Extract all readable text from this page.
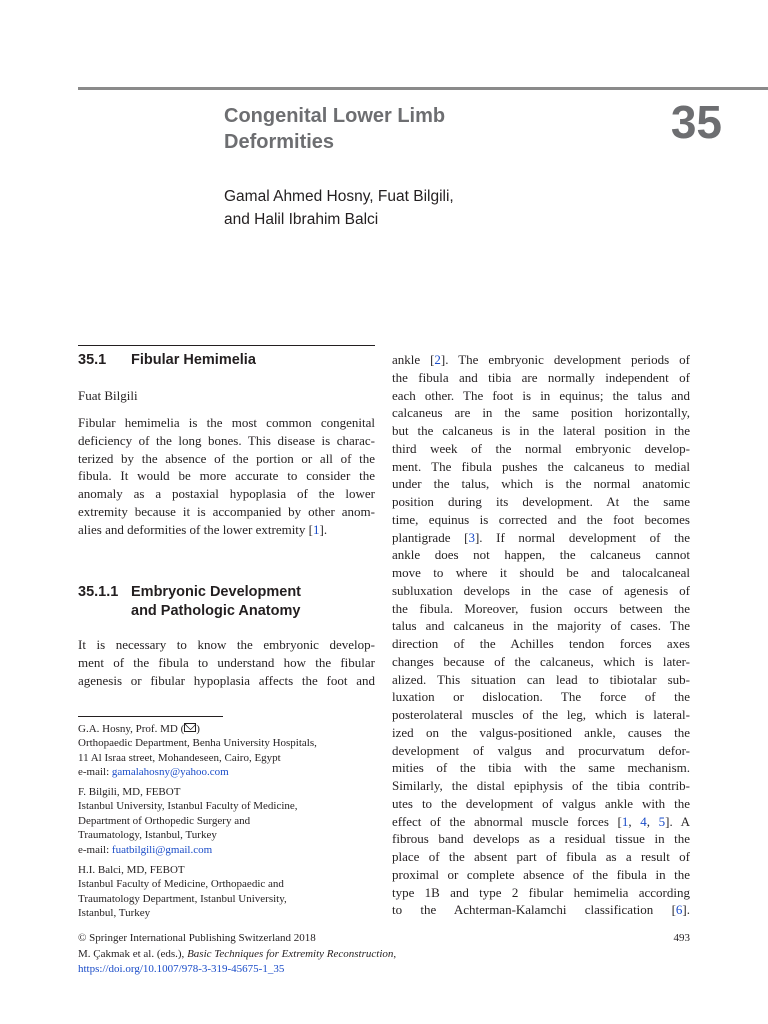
Congenital Lower Limb
Deformities	35
Gamal Ahmed Hosny, Fuat Bilgili,
and Halil Ibrahim Balci
35.1 Fibular Hemimelia
Fuat Bilgili
Fibular hemimelia is the most common congenital
deficiency of the long bones. This disease is charac-
terized by the absence of the portion or all of the
fibula. It would be more accurate to consider the
anomaly as a postaxial hypoplasia of the lower
extremity because it is accompanied by other anom-
alies and deformities of the lower extremity [1].
35.1.1 Embryonic Development
and Pathologic Anatomy
It is necessary to know the embryonic develop-
ment of the fibula to understand how the fibular
agenesis or fibular hypoplasia affects the foot and
ankle [2]. The embryonic development periods of
the fibula and tibia are normally independent of
each other. The foot is in equinus; the talus and
calcaneus are in the same position horizontally,
but the calcaneus is in the lateral position in the
third week of the normal embryonic develop-
ment. The fibula pushes the calcaneus to medial
under the talus, which is the normal anatomic
position during its development. At the same
time, equinus is corrected and the foot becomes
plantigrade [3]. If normal development of the
ankle does not happen, the calcaneus cannot
move to where it should be and talocalcaneal
subluxation develops in the case of agenesis of
the fibula. Moreover, fusion occurs between the
talus and calcaneus in the majority of cases. The
direction of the Achilles tendon forces axes
changes because of the calcaneus, which is later-
alized. This situation can lead to tibiotalar sub-
luxation or dislocation. The force of the
posterolateral muscles of the leg, which is lateral-
ized on the valgus-positioned ankle, causes the
development of valgus and procurvatum defor-
mities of the tibia with the same mechanism.
Similarly, the distal epiphysis of the tibia contrib-
utes to the development of valgus ankle with the
effect of the abnormal muscle forces [1, 4, 5]. A
fibrous band develops as a residual tissue in the
place of the absent part of fibula as a result of
proximal or complete absence of the fibula in the
type 1B and type 2 fibular hemimelia according
to the Achterman-Kalamchi classification [6].
G.A. Hosny, Prof. MD ( )
Orthopaedic Department, Benha University Hospitals,
11 Al Israa street, Mohandeseen, Cairo, Egypt
e-mail: gamalahosny@yahoo.com
F. Bilgili, MD, FEBOT
Istanbul University, Istanbul Faculty of Medicine,
Department of Orthopedic Surgery and
Traumatology, Istanbul, Turkey
e-mail: fuatbilgili@gmail.com
H.I. Balci, MD, FEBOT
Istanbul Faculty of Medicine, Orthopaedic and
Traumatology Department, Istanbul University,
Istanbul, Turkey
© Springer International Publishing Switzerland 2018
M. Çakmak et al. (eds.), Basic Techniques for Extremity Reconstruction,
https://doi.org/10.1007/978-3-319-45675-1_35
493
